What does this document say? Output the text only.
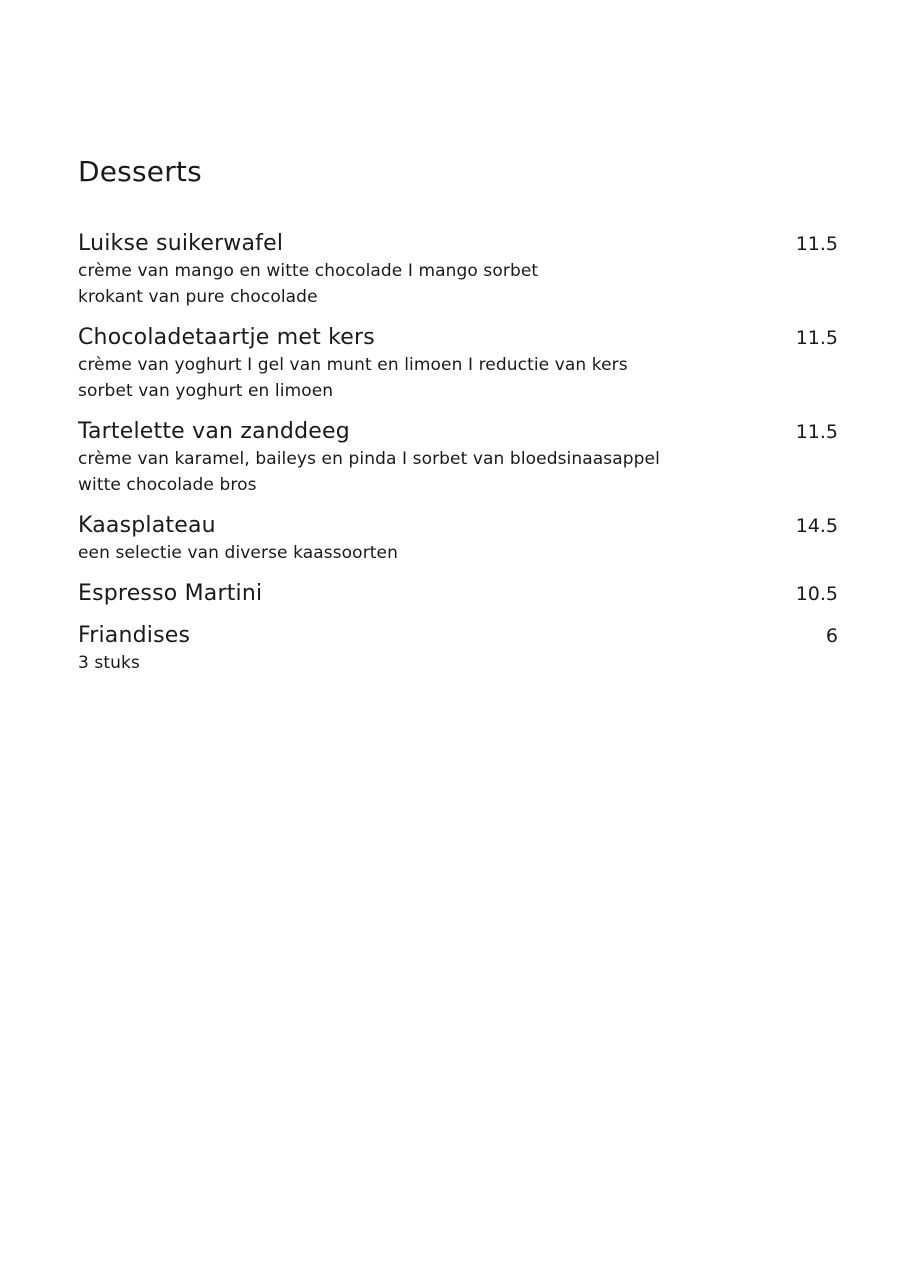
Desserts
Luikse suikerwafel	11.5
crème van mango en witte chocolade I mango sorbet
krokant van pure chocolade
Chocoladetaartje met kers	11.5
crème van yoghurt I gel van munt en limoen I reductie van kers
sorbet van yoghurt en limoen
Tartelette van zanddeeg	11.5
crème van karamel, baileys en pinda I sorbet van bloedsinaasappel
witte chocolade bros
Kaasplateau	14.5
een selectie van diverse kaassoorten
Espresso Martini	10.5
Friandises	6
3 stuks
